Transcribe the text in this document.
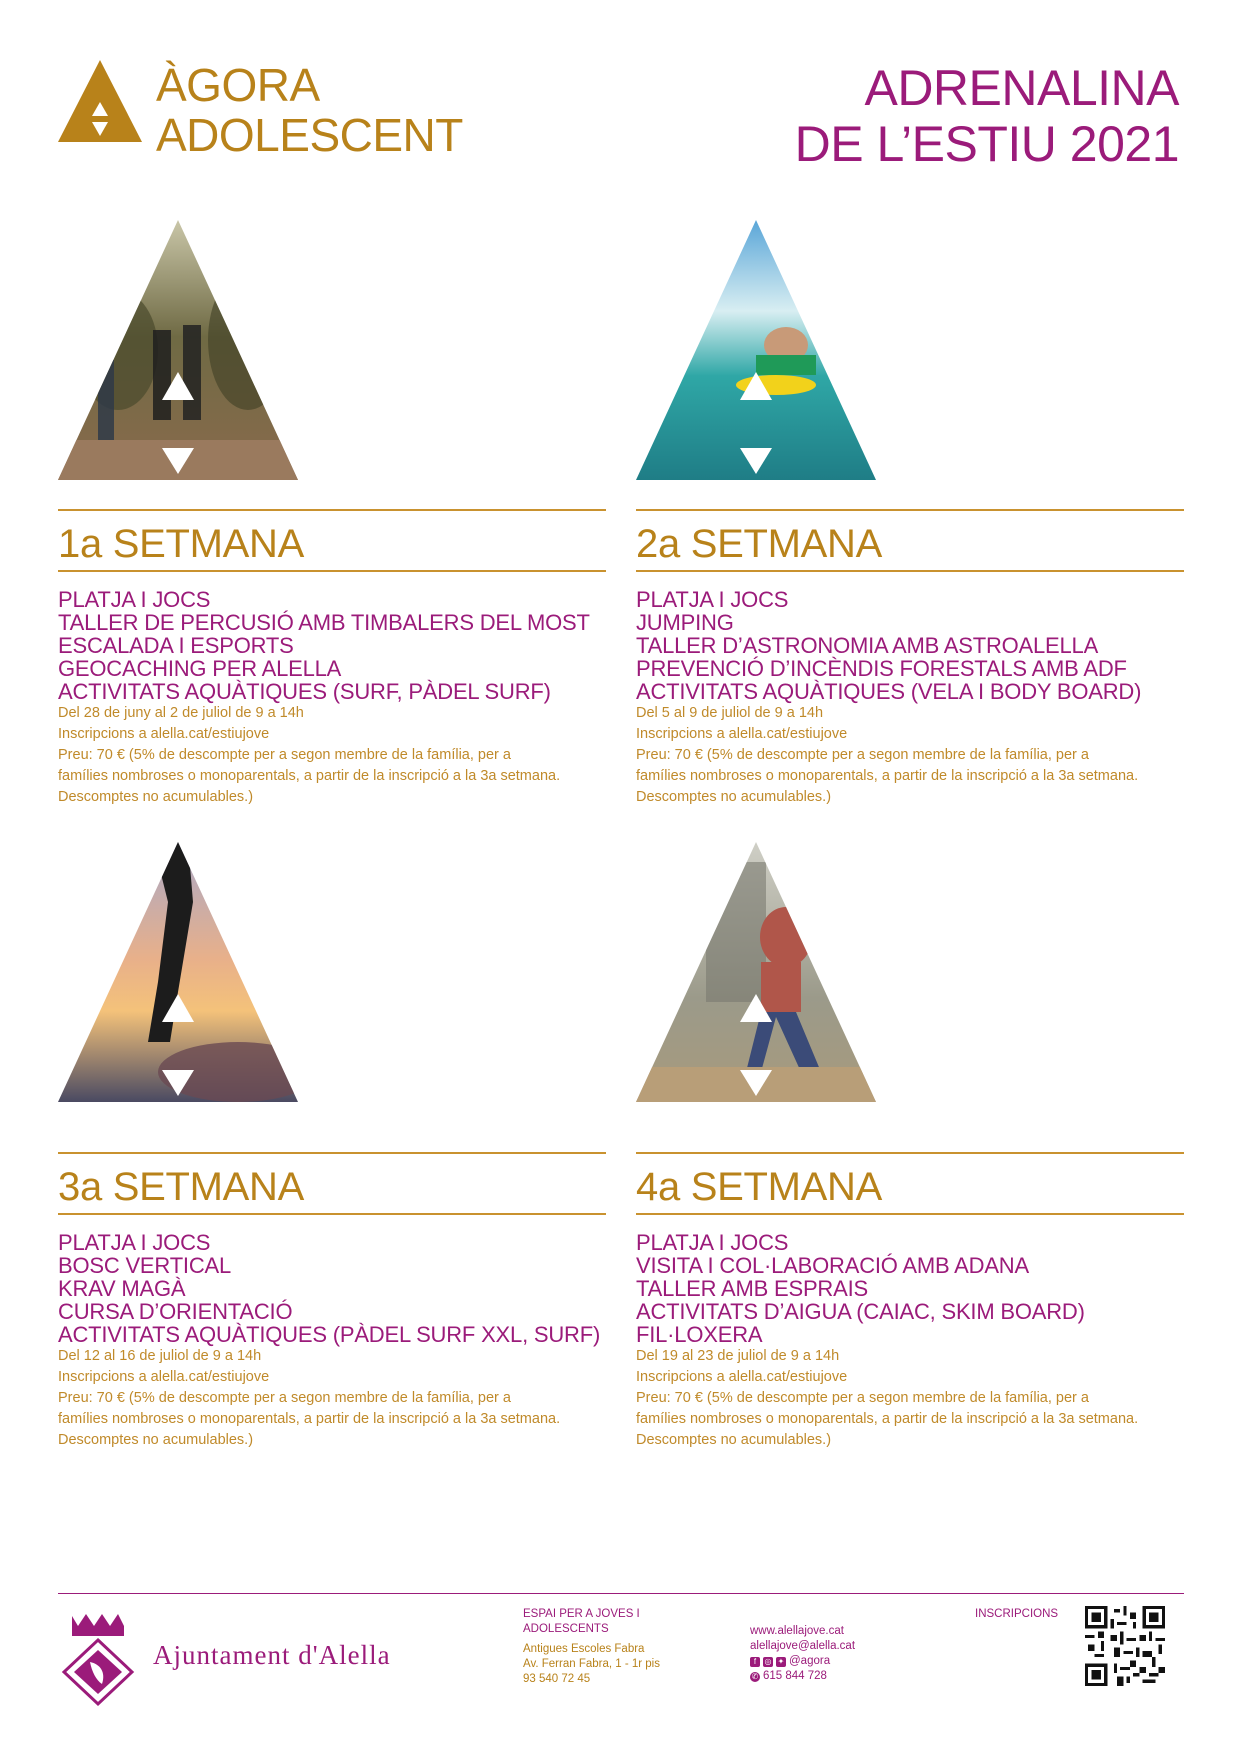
ÀGORA
ADOLESCENT
ADRENALINA
DE L’ESTIU 2021
1a SETMANA
PLATJA I JOCS
TALLER DE PERCUSIÓ AMB TIMBALERS DEL MOST
ESCALADA I ESPORTS
GEOCACHING PER ALELLA
ACTIVITATS AQUÀTIQUES (SURF, PÀDEL SURF)
Del 28 de juny al 2 de juliol de 9 a 14h
Inscripcions a alella.cat/estiujove
Preu: 70 € (5% de descompte per a segon membre de la família, per a
famílies nombroses o monoparentals, a partir de la inscripció a la 3a setmana.
Descomptes no acumulables.)
2a SETMANA
PLATJA I JOCS
JUMPING
TALLER D’ASTRONOMIA AMB ASTROALELLA
PREVENCIÓ D’INCÈNDIS FORESTALS AMB ADF
ACTIVITATS AQUÀTIQUES (VELA I BODY BOARD)
Del 5 al 9 de juliol de 9 a 14h
Inscripcions a alella.cat/estiujove
Preu: 70 € (5% de descompte per a segon membre de la família, per a
famílies nombroses o monoparentals, a partir de la inscripció a la 3a setmana.
Descomptes no acumulables.)
3a SETMANA
PLATJA I JOCS
BOSC VERTICAL
KRAV MAGÀ
CURSA D’ORIENTACIÓ
ACTIVITATS AQUÀTIQUES (PÀDEL SURF XXL, SURF)
Del 12 al 16 de juliol de 9 a 14h
Inscripcions a alella.cat/estiujove
Preu: 70 € (5% de descompte per a segon membre de la família, per a
famílies nombroses o monoparentals, a partir de la inscripció a la 3a setmana.
Descomptes no acumulables.)
4a SETMANA
PLATJA I JOCS
VISITA I COL·LABORACIÓ AMB ADANA
TALLER AMB ESPRAIS
ACTIVITATS D’AIGUA (CAIAC, SKIM BOARD)
FIL·LOXERA
Del 19 al 23 de juliol de 9 a 14h
Inscripcions a alella.cat/estiujove
Preu: 70 € (5% de descompte per a segon membre de la família, per a
famílies nombroses o monoparentals, a partir de la inscripció a la 3a setmana.
Descomptes no acumulables.)
Ajuntament d'Alella
ESPAI PER A JOVES I
ADOLESCENTS
Antigues Escoles Fabra
Av. Ferran Fabra, 1 - 1r pis
93 540 72 45
www.alellajove.cat
alellajove@alella.cat
f	◎ ✦ @agora
✆ 615 844 728
INSCRIPCIONS
